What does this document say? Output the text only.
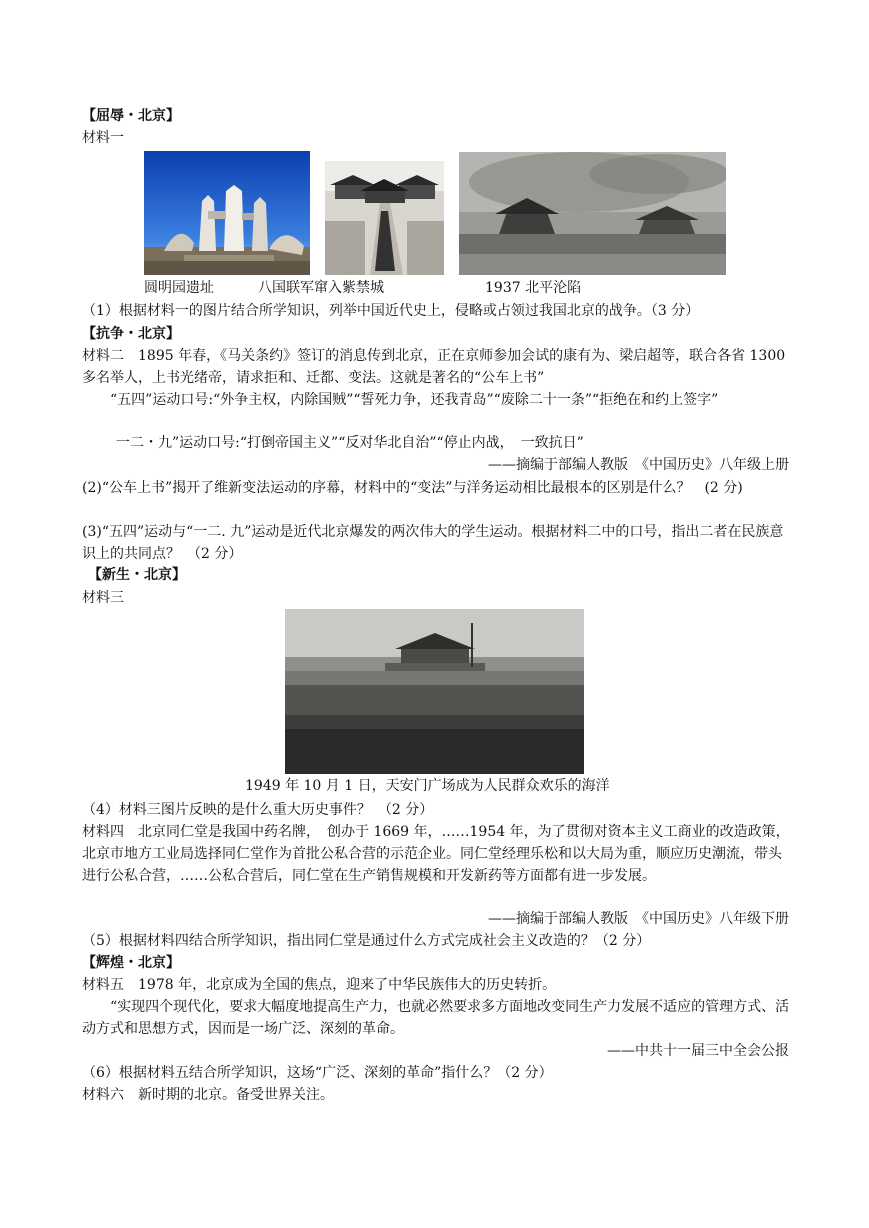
【屈辱・北京】
材料一
圆明园遗址	八国联军窜入紫禁城	1937 北平沦陷
（1）根据材料一的图片结合所学知识，列举中国近代史上，侵略或占领过我国北京的战争。（3 分）
【抗争・北京】
材料二　1895 年春，《马关条约》签订的消息传到北京，正在京师参加会试的康有为、梁启超等，联合各省 1300 多名举人，上书光绪帝，请求拒和、迁都、变法。这就是著名的“公车上书”
“五四”运动口号:“外争主权，内除国贼”“誓死力争，还我青岛”“废除二十一条”“拒绝在和约上签字”
一二・九”运动口号:“打倒帝国主义”“反对华北自治”“停止内战，　一致抗日”
——摘编于部编人教版　《中国历史》八年级上册
(2)“公车上书”揭开了维新变法运动的序幕，材料中的“变法”与洋务运动相比最根本的区别是什么？　(2 分)
(3)“五四”运动与“一二. 九”运动是近代北京爆发的两次伟大的学生运动。根据材料二中的口号，指出二者在民族意识上的共同点？　（2 分）
【新生・北京】
材料三
1949 年 10 月 1 日，天安门广场成为人民群众欢乐的海洋
（4）材料三图片反映的是什么重大历史事件？　（2 分）
材料四　北京同仁堂是我国中药名牌，　创办于 1669 年，……1954 年，为了贯彻对资本主义工商业的改造政策，北京市地方工业局选择同仁堂作为首批公私合营的示范企业。同仁堂经理乐松和以大局为重，顺应历史潮流，带头进行公私合营，……公私合营后，同仁堂在生产销售规模和开发新药等方面都有进一步发展。
——摘编于部编人教版　《中国历史》八年级下册
（5）根据材料四结合所学知识，指出同仁堂是通过什么方式完成社会主义改造的？（2 分）
【辉煌・北京】
材料五　1978 年，北京成为全国的焦点，迎来了中华民族伟大的历史转折。
“实现四个现代化，要求大幅度地提高生产力，也就必然要求多方面地改变同生产力发展不适应的管理方式、活动方式和思想方式，因而是一场广泛、深刻的革命。
——中共十一届三中全会公报
（6）根据材料五结合所学知识，这场“广泛、深刻的革命”指什么？（2 分）
材料六　新时期的北京。备受世界关注。
